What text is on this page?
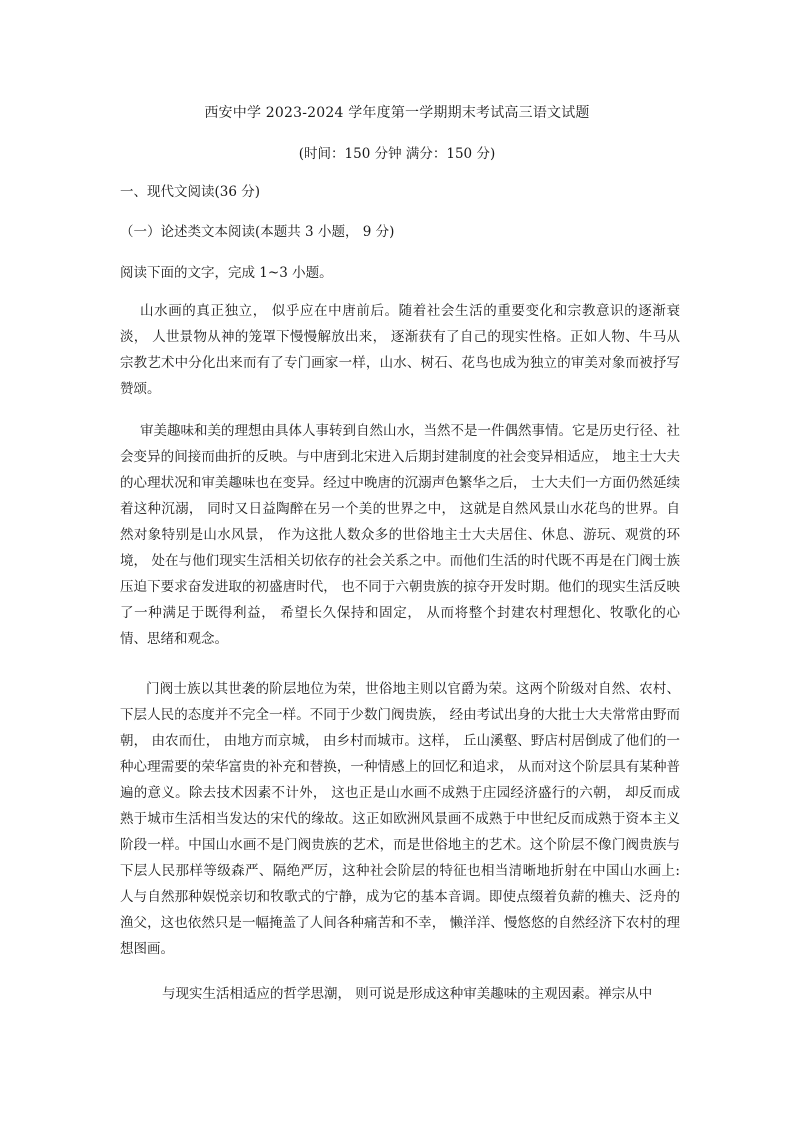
西安中学 2023-2024 学年度第一学期期末考试高三语文试题
(时间：150 分钟 满分：150 分)
一、现代文阅读(36 分)
（一）论述类文本阅读(本题共 3 小题， 9 分)
阅读下面的文字，完成 1~3 小题。

山水画的真正独立， 似乎应在中唐前后。随着社会生活的重要变化和宗教意识的逐渐衰淡， 人世景物从神的笼罩下慢慢解放出来， 逐渐获有了自己的现实性格。正如人物、牛马从宗教艺术中分化出来而有了专门画家一样，山水、树石、花鸟也成为独立的审美对象而被抒写赞颂。

审美趣味和美的理想由具体人事转到自然山水，当然不是一件偶然事情。它是历史行径、社会变异的间接而曲折的反映。与中唐到北宋进入后期封建制度的社会变异相适应， 地主士大夫的心理状况和审美趣味也在变异。经过中晚唐的沉溺声色繁华之后， 士大夫们一方面仍然延续着这种沉溺， 同时又日益陶醉在另一个美的世界之中， 这就是自然风景山水花鸟的世界。自然对象特别是山水风景， 作为这批人数众多的世俗地主士大夫居住、休息、游玩、观赏的环境， 处在与他们现实生活相关切依存的社会关系之中。而他们生活的时代既不再是在门阀士族压迫下要求奋发进取的初盛唐时代， 也不同于六朝贵族的掠夺开发时期。他们的现实生活反映了一种满足于既得利益， 希望长久保持和固定， 从而将整个封建农村理想化、牧歌化的心情、思绪和观念。

门阀士族以其世袭的阶层地位为荣，世俗地主则以官爵为荣。这两个阶级对自然、农村、下层人民的态度并不完全一样。不同于少数门阀贵族， 经由考试出身的大批士大夫常常由野而朝， 由农而仕， 由地方而京城， 由乡村而城市。这样， 丘山溪壑、野店村居倒成了他们的一种心理需要的荣华富贵的补充和替换，一种情感上的回忆和追求， 从而对这个阶层具有某种普遍的意义。除去技术因素不计外， 这也正是山水画不成熟于庄园经济盛行的六朝， 却反而成熟于城市生活相当发达的宋代的缘故。这正如欧洲风景画不成熟于中世纪反而成熟于资本主义阶段一样。中国山水画不是门阀贵族的艺术，而是世俗地主的艺术。这个阶层不像门阀贵族与下层人民那样等级森严、隔绝严厉，这种社会阶层的特征也相当清晰地折射在中国山水画上: 人与自然那种娱悦亲切和牧歌式的宁静，成为它的基本音调。即使点缀着负薪的樵夫、泛舟的渔父，这也依然只是一幅掩盖了人间各种痛苦和不幸， 懒洋洋、慢悠悠的自然经济下农村的理想图画。

与现实生活相适应的哲学思潮， 则可说是形成这种审美趣味的主观因素。禅宗从中
